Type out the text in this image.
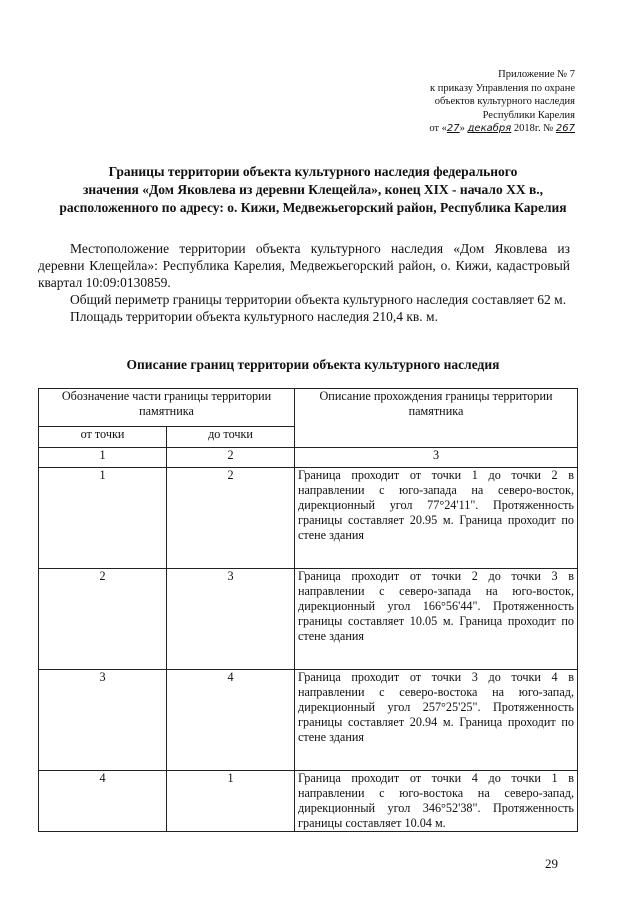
Приложение № 7
к приказу Управления по охране
объектов культурного наследия
Республики Карелия
от «27» декабря 2018г. № 267
Границы территории объекта культурного наследия федерального
значения «Дом Яковлева из деревни Клещейла», конец XIX - начало XX в.,
расположенного по адресу: о. Кижи, Медвежьегорский район, Республика Карелия

Местоположение территории объекта культурного наследия «Дом Яковлева из деревни Клещейла»: Республика Карелия, Медвежьегорский район, о. Кижи, кадастровый квартал 10:09:0130859.

Общий периметр границы территории объекта культурного наследия составляет 62 м.

Площадь территории объекта культурного наследия 210,4 кв. м.

Описание границ территории объекта культурного наследия
Обозначение части границы территории памятника		Описание прохождения границы территории памятника
от точки	до точки	
1	2	3
1	2	Граница проходит от точки 1 до точки 2 в направлении с юго-запада на северо-восток, дирекционный угол 77°24'11". Протяженность границы составляет 20.95 м. Граница проходит по стене здания
2	3	Граница проходит от точки 2 до точки 3 в направлении с северо-запада на юго-восток, дирекционный угол 166°56'44". Протяженность границы составляет 10.05 м. Граница проходит по стене здания
3	4	Граница проходит от точки 3 до точки 4 в направлении с северо-востока на юго-запад, дирекционный угол 257°25'25". Протяженность границы составляет 20.94 м. Граница проходит по стене здания
4	1	Граница проходит от точки 4 до точки 1 в направлении с юго-востока на северо-запад, дирекционный угол 346°52'38". Протяженность границы составляет 10.04 м.
29
